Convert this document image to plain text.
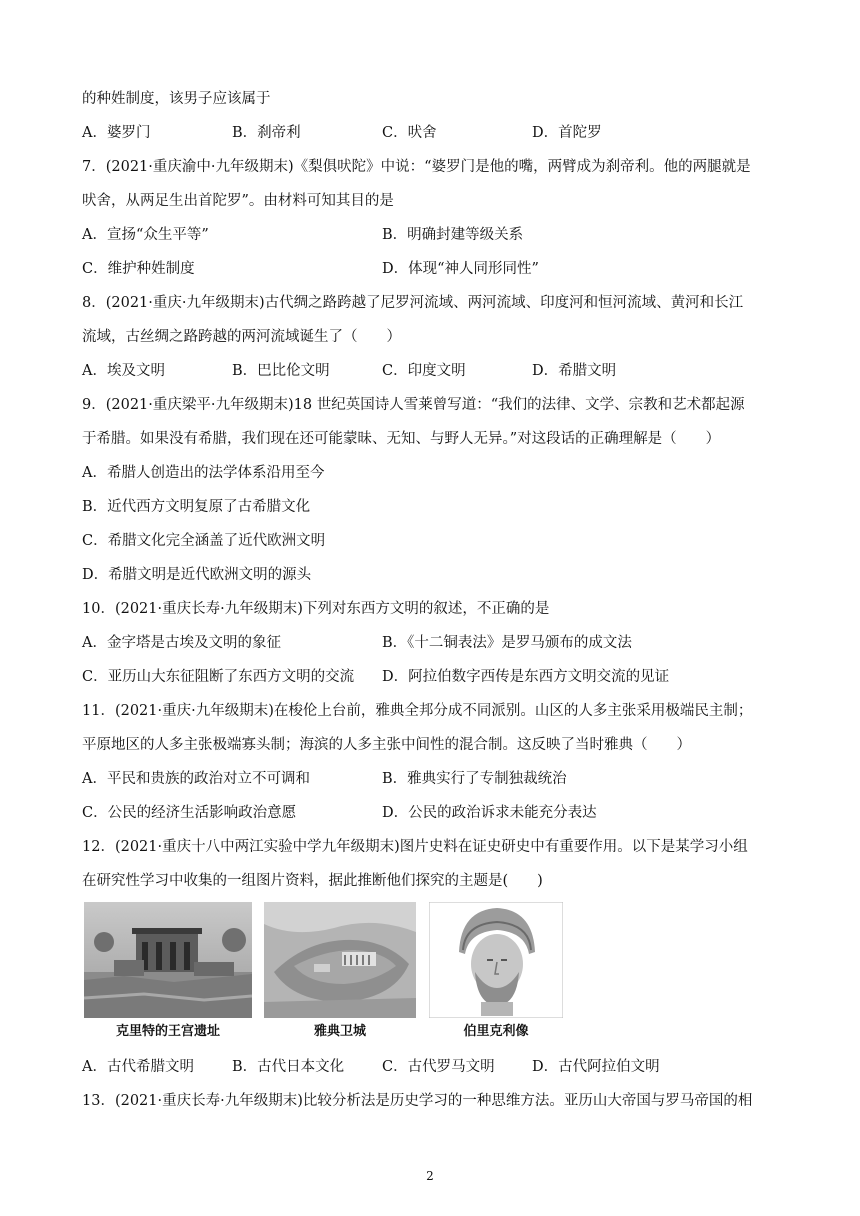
的种姓制度，该男子应该属于
A．婆罗门	B．刹帝利	C．吠舍	D．首陀罗
7．(2021·重庆渝中·九年级期末)《梨俱吠陀》中说：“婆罗门是他的嘴，两臂成为刹帝利。他的两腿就是
吠舍，从两足生出首陀罗”。由材料可知其目的是
A．宣扬“众生平等”	B．明确封建等级关系
C．维护种姓制度	D．体现“神人同形同性”
8．(2021·重庆·九年级期末)古代绸之路跨越了尼罗河流域、两河流域、印度河和恒河流域、黄河和长江
流域，古丝绸之路跨越的两河流域诞生了（　　）
A．埃及文明	B．巴比伦文明	C．印度文明	D．希腊文明
9．(2021·重庆梁平·九年级期末)18 世纪英国诗人雪莱曾写道：“我们的法律、文学、宗教和艺术都起源
于希腊。如果没有希腊，我们现在还可能蒙昧、无知、与野人无异。”对这段话的正确理解是（　　）
A．希腊人创造出的法学体系沿用至今
B．近代西方文明复原了古希腊文化
C．希腊文化完全涵盖了近代欧洲文明
D．希腊文明是近代欧洲文明的源头
10．(2021·重庆长寿·九年级期末)下列对东西方文明的叙述，不正确的是
A．金字塔是古埃及文明的象征	B．《十二铜表法》是罗马颁布的成文法
C．亚历山大东征阻断了东西方文明的交流 D．阿拉伯数字西传是东西方文明交流的见证
11．(2021·重庆·九年级期末)在梭伦上台前，雅典全邦分成不同派别。山区的人多主张采用极端民主制；
平原地区的人多主张极端寡头制；海滨的人多主张中间性的混合制。这反映了当时雅典（　　）
A．平民和贵族的政治对立不可调和	B．雅典实行了专制独裁统治
C．公民的经济生活影响政治意愿	D．公民的政治诉求未能充分表达
12．(2021·重庆十八中两江实验中学九年级期末)图片史料在证史研史中有重要作用。以下是某学习小组
在研究性学习中收集的一组图片资料，据此推断他们探究的主题是(　　)
克里特的王宫遗址	雅典卫城	伯里克利像
A．古代希腊文明	B．古代日本文化	C．古代罗马文明	D．古代阿拉伯文明
13．(2021·重庆长寿·九年级期末)比较分析法是历史学习的一种思维方法。亚历山大帝国与罗马帝国的相
2
